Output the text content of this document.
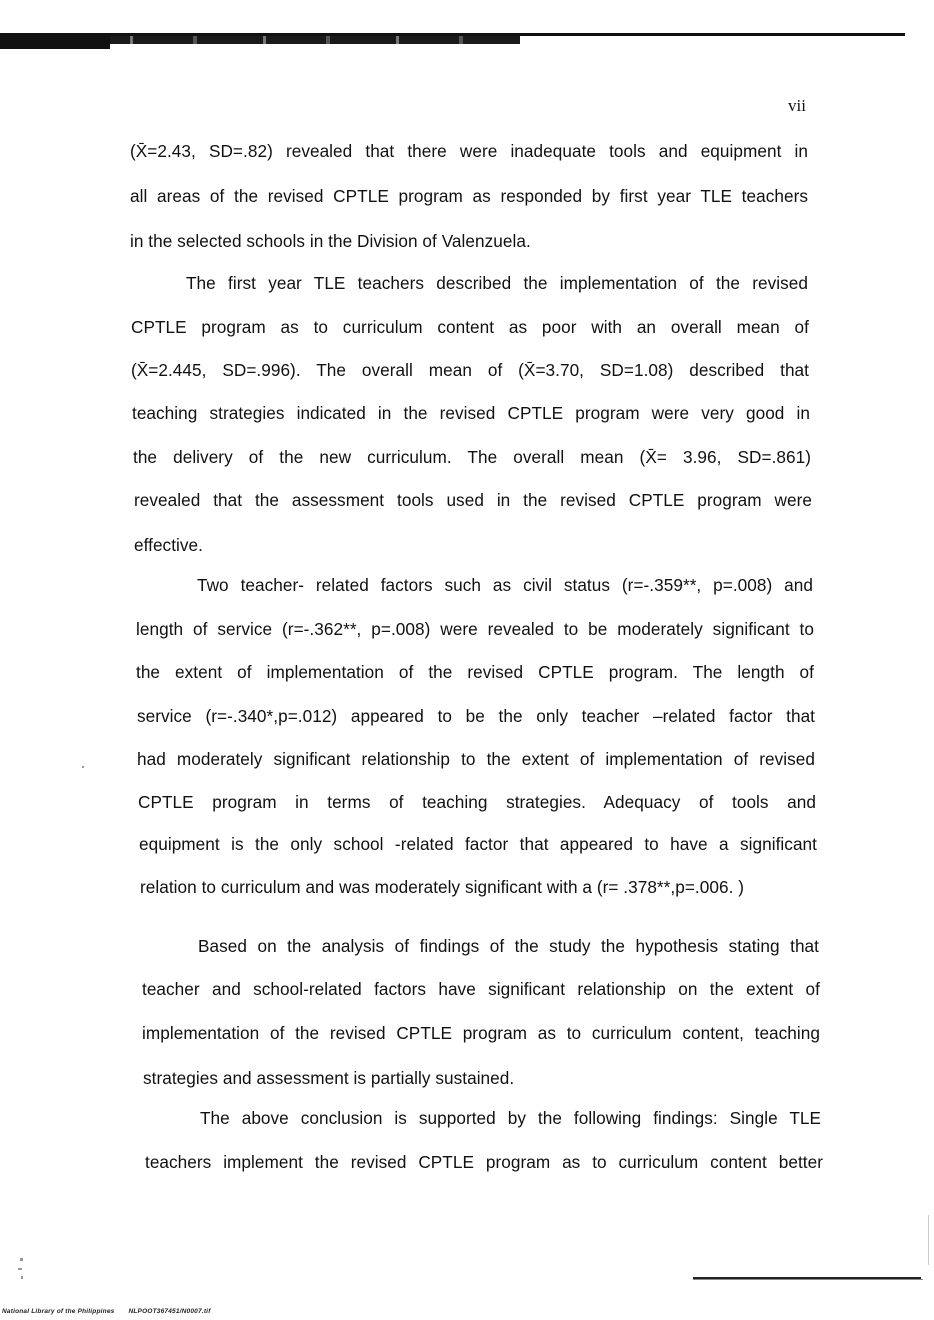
vii
(X̄=2.43, SD=.82) revealed that there were inadequate tools and equipment in
all areas of the revised CPTLE program as responded by first year TLE teachers
in the selected schools in the Division of Valenzuela.
The first year TLE teachers described the implementation of the revised
CPTLE program as to curriculum content as poor with an overall mean of
(X̄=2.445, SD=.996). The overall mean of (X̄=3.70, SD=1.08) described that
teaching strategies indicated in the revised CPTLE program were very good in
the delivery of the new curriculum. The overall mean (X̄= 3.96, SD=.861)
revealed that the assessment tools used in the revised CPTLE program were
effective.
Two teacher- related factors such as civil status (r=-.359**, p=.008) and
length of service (r=-.362**, p=.008) were revealed to be moderately significant to
the extent of implementation of the revised CPTLE program. The length of
service (r=-.340*,p=.012) appeared to be the only teacher –related factor that
had moderately significant relationship to the extent of implementation of revised
CPTLE program in terms of teaching strategies. Adequacy of tools and
equipment is the only school -related factor that appeared to have a significant
relation to curriculum and was moderately significant with a (r= .378**,p=.006. )
Based on the analysis of findings of the study the hypothesis stating that
teacher and school-related factors have significant relationship on the extent of
implementation of the revised CPTLE program as to curriculum content, teaching
strategies and assessment is partially sustained.
The above conclusion is supported by the following findings: Single TLE
teachers implement the revised CPTLE program as to curriculum content better
National Library of the Philippines NLPOOT367451/N0007.tif
